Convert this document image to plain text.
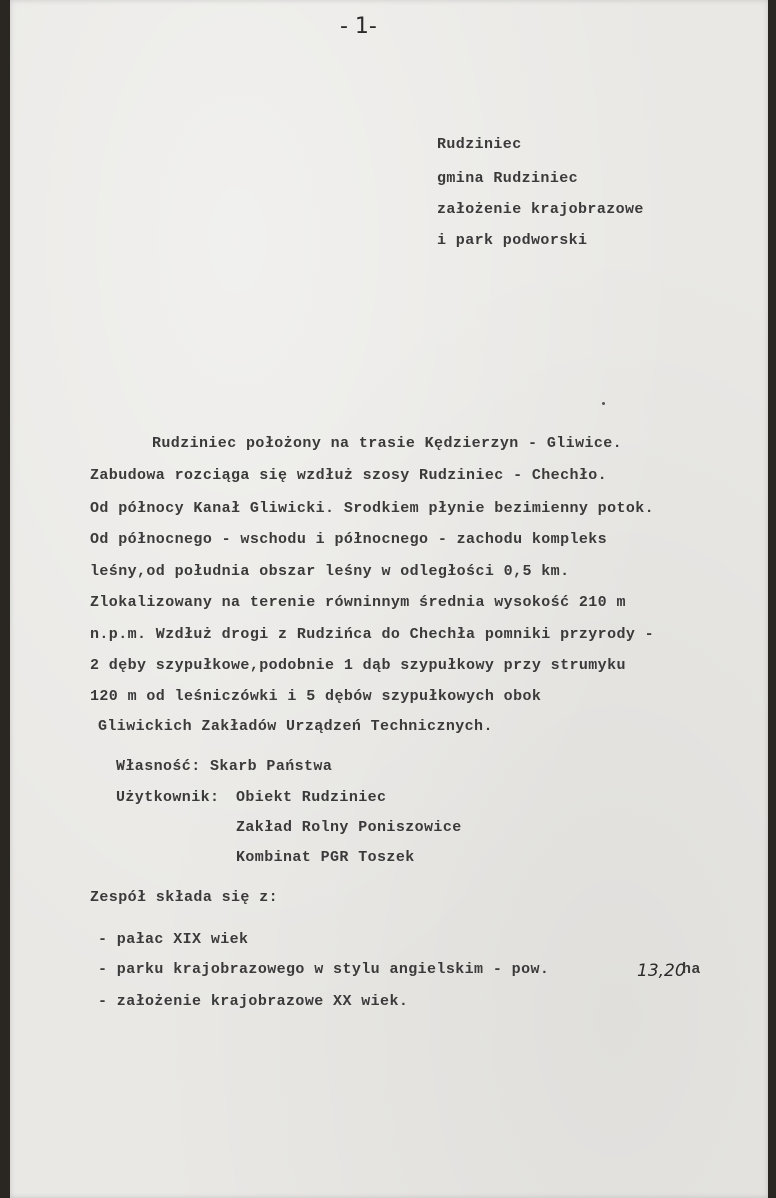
- 1-

Rudziniec

gmina Rudziniec

założenie krajobrazowe

i park podworski

Rudziniec położony na trasie Kędzierzyn - Gliwice.

Zabudowa rozciąga się wzdłuż szosy Rudziniec - Chechło.

Od północy Kanał Gliwicki. Srodkiem płynie bezimienny potok.

Od północnego - wschodu i północnego - zachodu kompleks

leśny,od południa obszar leśny w odległości 0,5 km.

Zlokalizowany na terenie równinnym średnia wysokość 210 m

n.p.m. Wzdłuż drogi z Rudzińca do Chechła pomniki przyrody -

2 dęby szypułkowe,podobnie 1 dąb szypułkowy przy strumyku

120 m od leśniczówki i 5 dębów szypułkowych obok

Gliwickich Zakładów Urządzeń Technicznych.

Własność: Skarb Państwa

Użytkownik: Obiekt Rudziniec

Zakład Rolny Poniszowice

Kombinat PGR Toszek

Zespół składa się z:

- pałac XIX wiek

- parku krajobrazowego w stylu angielskim - pow.	13,20

ha

- założenie krajobrazowe XX wiek.
